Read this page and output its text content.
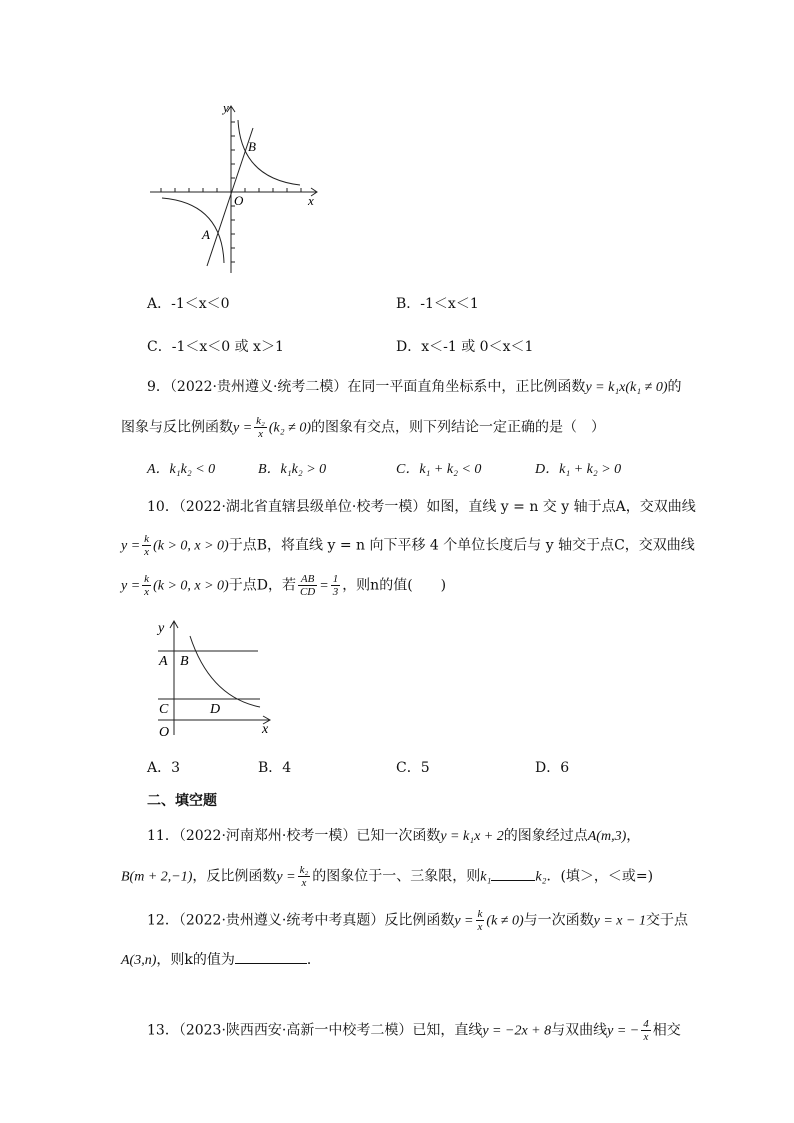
y
x
O
B
A
A．-1＜x＜0	B．-1＜x＜1
C．-1＜x＜0 或 x＞1	D．x＜-1 或 0＜x＜1
9．（2022·贵州遵义·统考二模）在同一平面直角坐标系中，正比例函数y = k₁x(k₁ ≠ 0)的
图象与反比例函数$y = \frac{\text{k₂}}{x} (k_2 \ne 0)$的图象有交点，则下列结论一定正确的是（　）
A．k₁k₂ < 0	B．k₁k₂ > 0	C．k₁ + k₂ < 0	D．k₁ + k₂ > 0
10．（2022·湖北省直辖县级单位·校考一模）如图，直线 y = n 交 y 轴于点A，交双曲线
$y = \frac{k}{x} (k > 0$, x > 0)于点B，将直线 y = n 向下平移 4 个单位长度后与 y 轴交于点C，交双曲线
$y = \frac{k}{x} (k > 0$, x > 0)于点D，若 $\frac{AB}{CD} = \frac{1}{3}$ ，则n的值(　　)
y
x
A B
C	D
O
A．3	B．4	C．5	D．6
二、填空题
11．（2022·河南郑州·校考一模）已知一次函数y = k₁x + 2的图象经过点A(m,3)，
B(m + 2,−1)，反比例函数$y = \frac{\text{k₂}}{x}$ 的图象位于一、三象限，则k₁	k₂．(填＞，＜或=)
12．（2022·贵州遵义·统考中考真题）反比例函数$y = \frac{k}{x} (k \ne 0)$与一次函数y = x − 1交于点
A(3,n)，则k的值为	．
13．（2023·陕西西安·高新一中校考二模）已知，直线y = −2x + 8与双曲线y = − $\frac{4}{x}$ 相交
